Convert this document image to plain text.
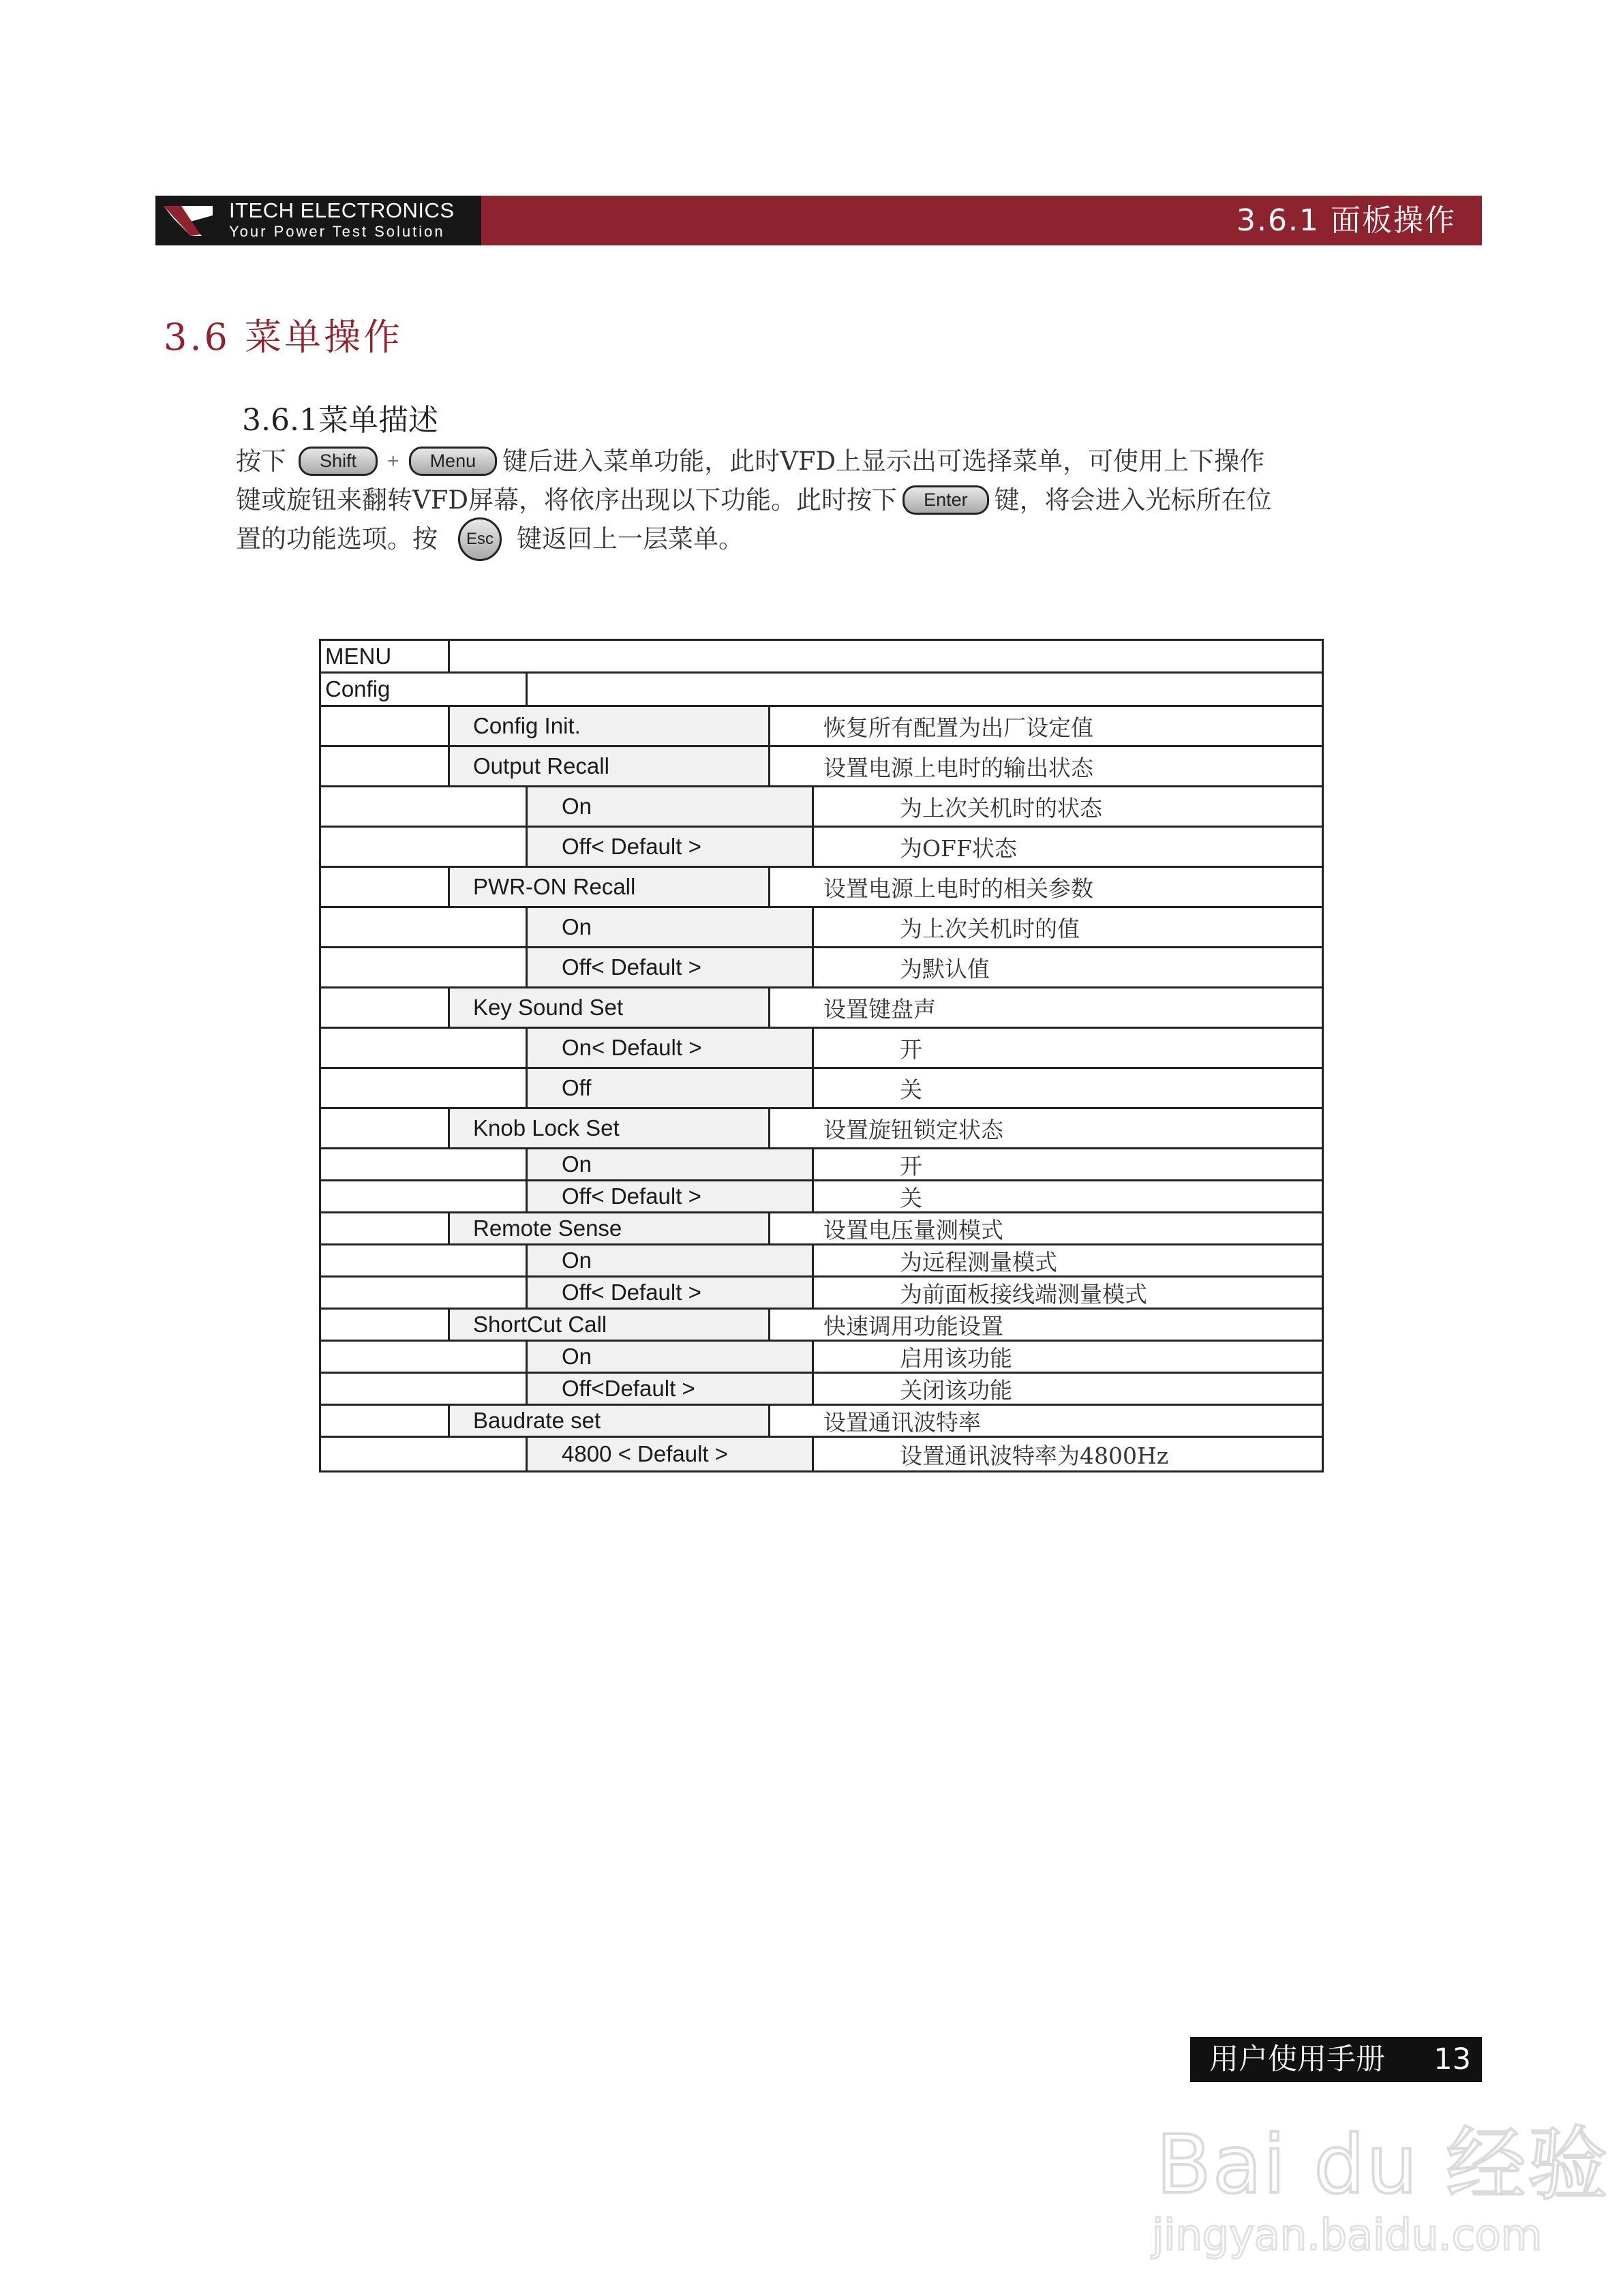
ITECH ELECTRONICS
Your Power Test Solution	3.6.1 面板操作
3.6 菜单操作
3.6.1菜单描述
按下	Shift	+	Menu	键后进入菜单功能，此时VFD上显示出可选择菜单，可使用上下操作
键或旋钮来翻转VFD屏幕，将依序出现以下功能。此时按下	Enter	键，将会进入光标所在位
置的功能选项。按	Esc 键返回上一层菜单。
MENU
Config
Config Init.	恢复所有配置为出厂设定值
Output Recall	设置电源上电时的输出状态
On	为上次关机时的状态
Off< Default >	为OFF状态
PWR-ON Recall	设置电源上电时的相关参数
On	为上次关机时的值
Off< Default >	为默认值
Key Sound Set	设置键盘声
On< Default >	开
Off	关
Knob Lock Set	设置旋钮锁定状态
On	开
Off< Default >	关
Remote Sense	设置电压量测模式
On	为远程测量模式
Off< Default >	为前面板接线端测量模式
ShortCut Call	快速调用功能设置
On	启用该功能
Off<Default >	关闭该功能
Baudrate set	设置通讯波特率
4800 < Default >	设置通讯波特率为4800Hz
用户使用手册 13
Bai du 经验
jingyan.baidu.com
